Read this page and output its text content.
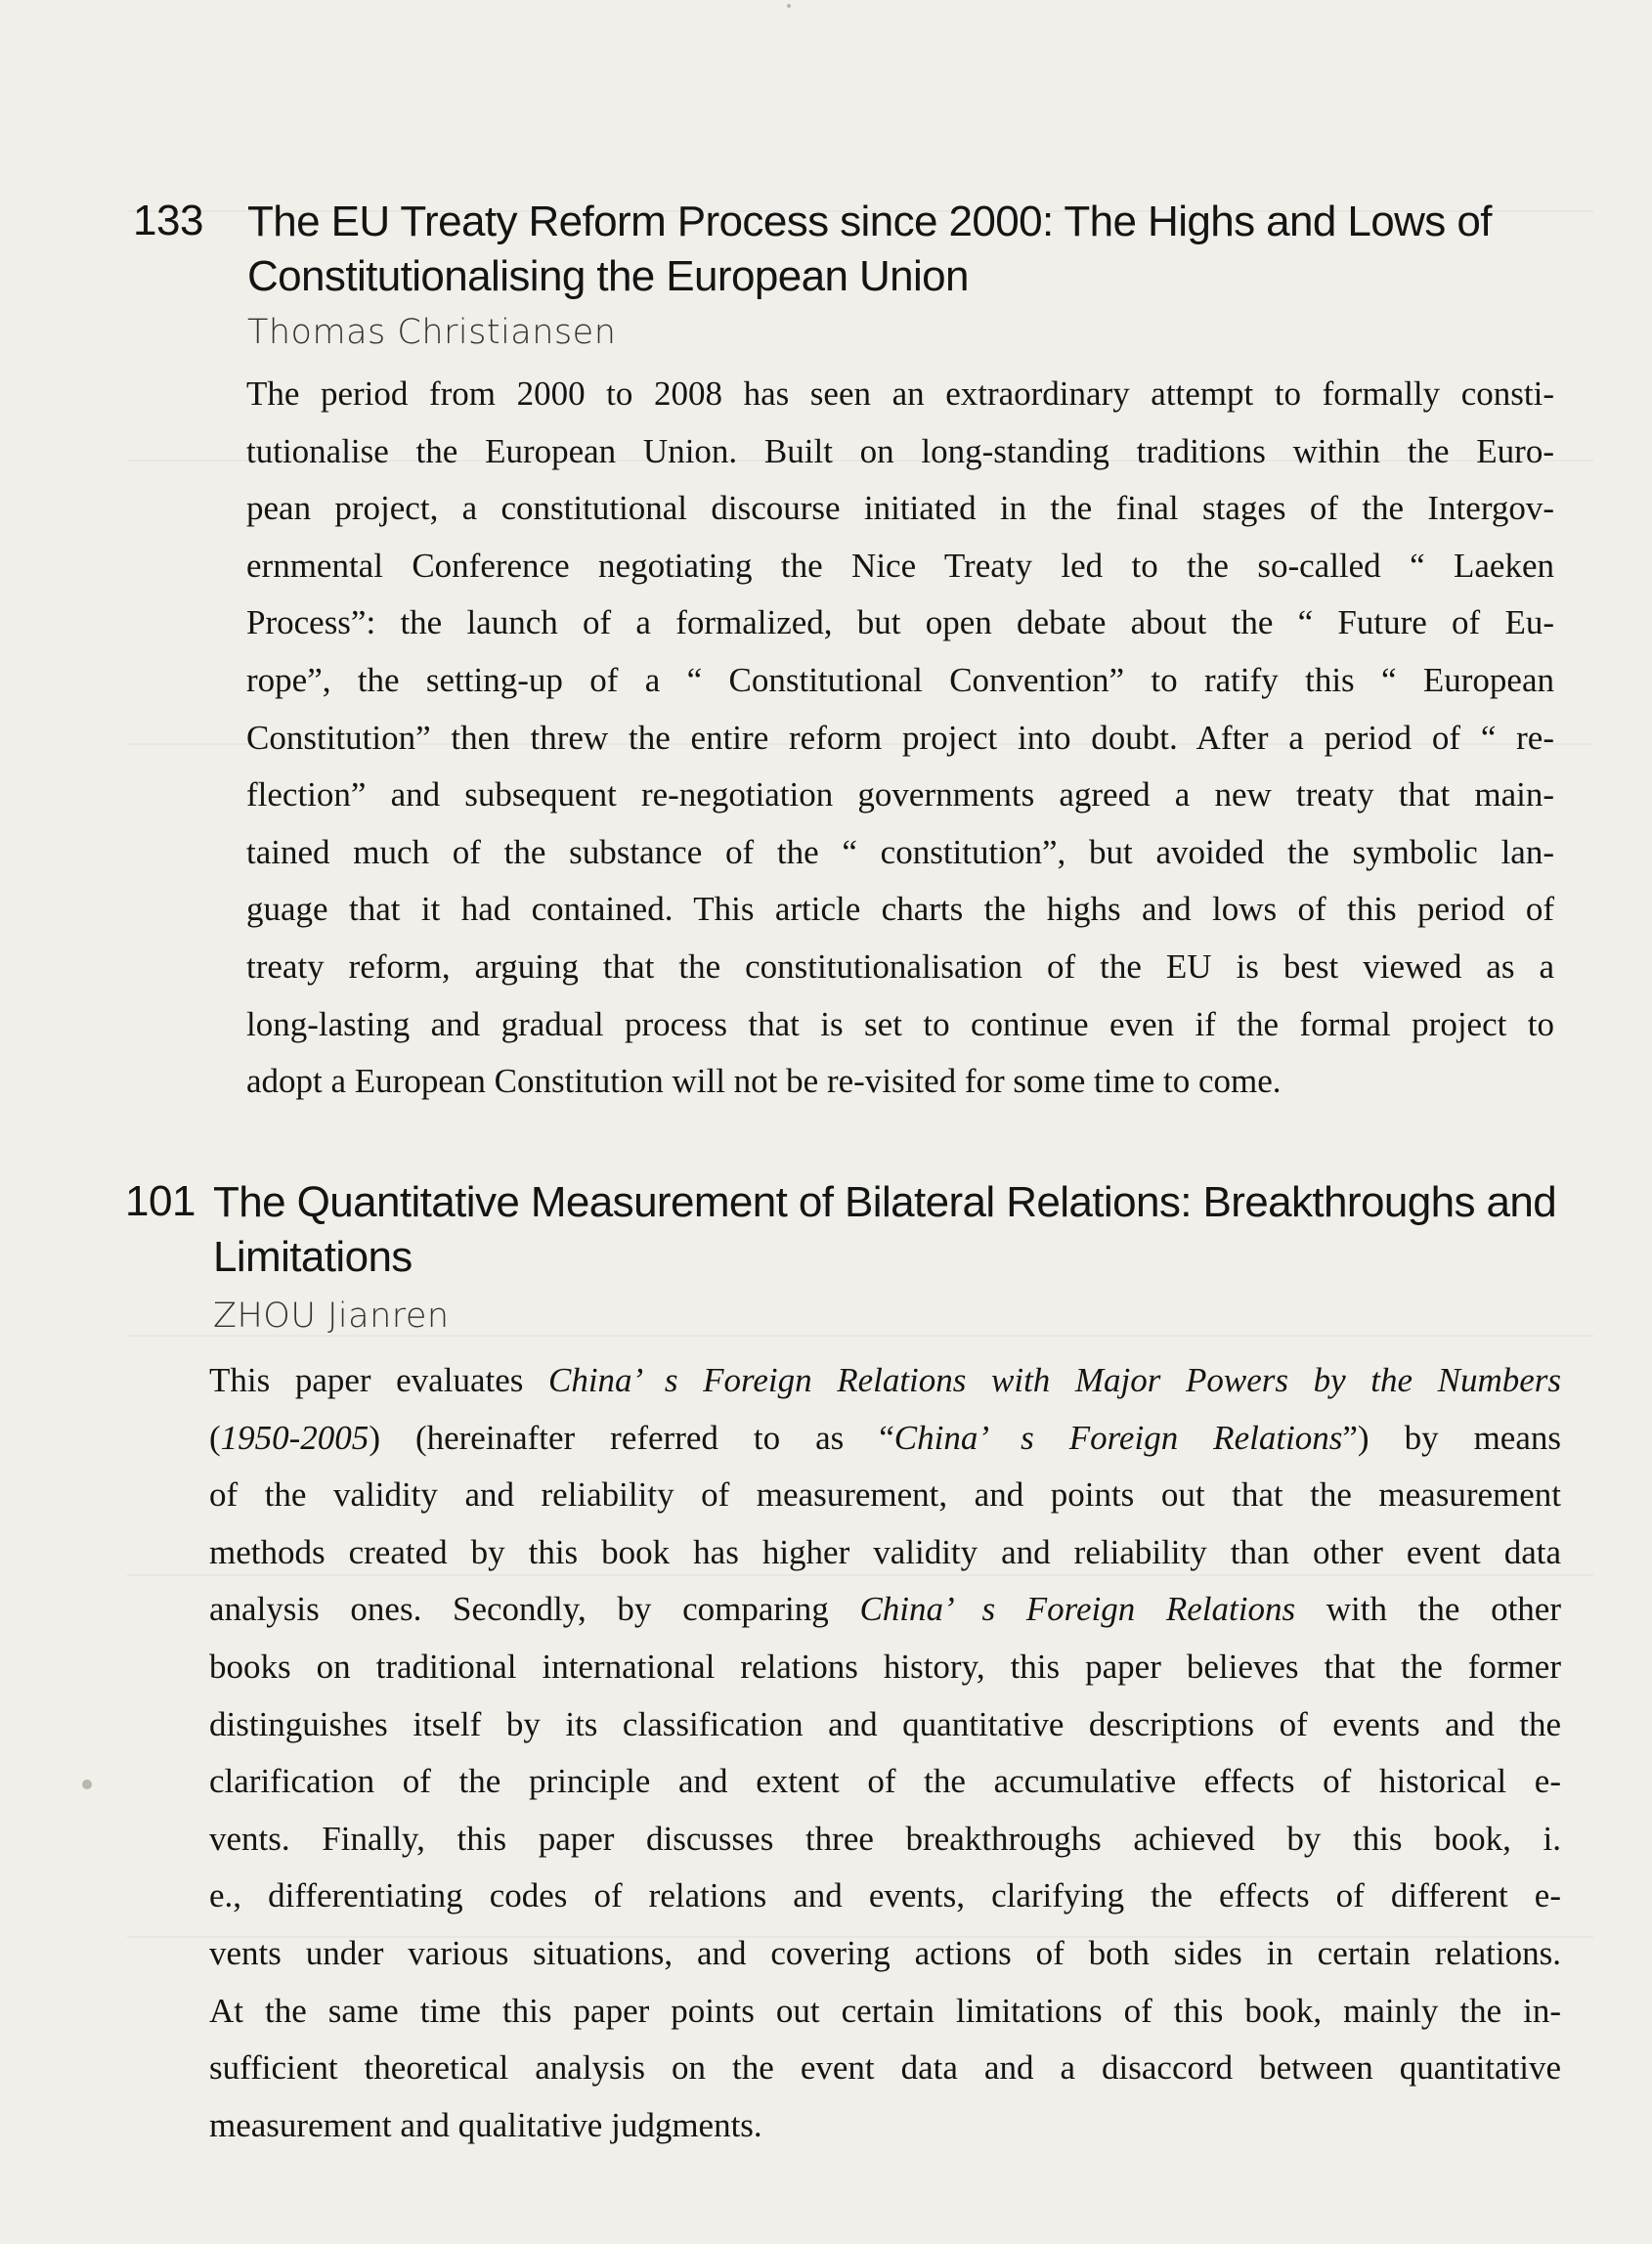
133 The EU Treaty Reform Process since 2000: The Highs and Lows of
Constitutionalising the European Union
Thomas Christiansen
The period from 2000 to 2008 has seen an extraordinary attempt to formally consti-
tutionalise the European Union. Built on long-standing traditions within the Euro-
pean project, a constitutional discourse initiated in the final stages of the Intergov-
ernmental Conference negotiating the Nice Treaty led to the so-called “ Laeken
Process”: the launch of a formalized, but open debate about the “ Future of Eu-
rope”, the setting-up of a “ Constitutional Convention” to ratify this “ European
Constitution” then threw the entire reform project into doubt. After a period of “ re-
flection” and subsequent re-negotiation governments agreed a new treaty that main-
tained much of the substance of the “ constitution”, but avoided the symbolic lan-
guage that it had contained. This article charts the highs and lows of this period of
treaty reform, arguing that the constitutionalisation of the EU is best viewed as a
long-lasting and gradual process that is set to continue even if the formal project to
adopt a European Constitution will not be re-visited for some time to come.
101 The Quantitative Measurement of Bilateral Relations: Breakthroughs and
Limitations
ZHOU Jianren
This paper evaluates China’ s Foreign Relations with Major Powers by the Numbers
(1950-2005) (hereinafter referred to as “China’ s Foreign Relations”) by means
of the validity and reliability of measurement, and points out that the measurement
methods created by this book has higher validity and reliability than other event data
analysis ones. Secondly, by comparing China’ s Foreign Relations with the other
books on traditional international relations history, this paper believes that the former
distinguishes itself by its classification and quantitative descriptions of events and the
clarification of the principle and extent of the accumulative effects of historical e-
vents. Finally, this paper discusses three breakthroughs achieved by this book, i.
e., differentiating codes of relations and events, clarifying the effects of different e-
vents under various situations, and covering actions of both sides in certain relations.
At the same time this paper points out certain limitations of this book, mainly the in-
sufficient theoretical analysis on the event data and a disaccord between quantitative
measurement and qualitative judgments.
